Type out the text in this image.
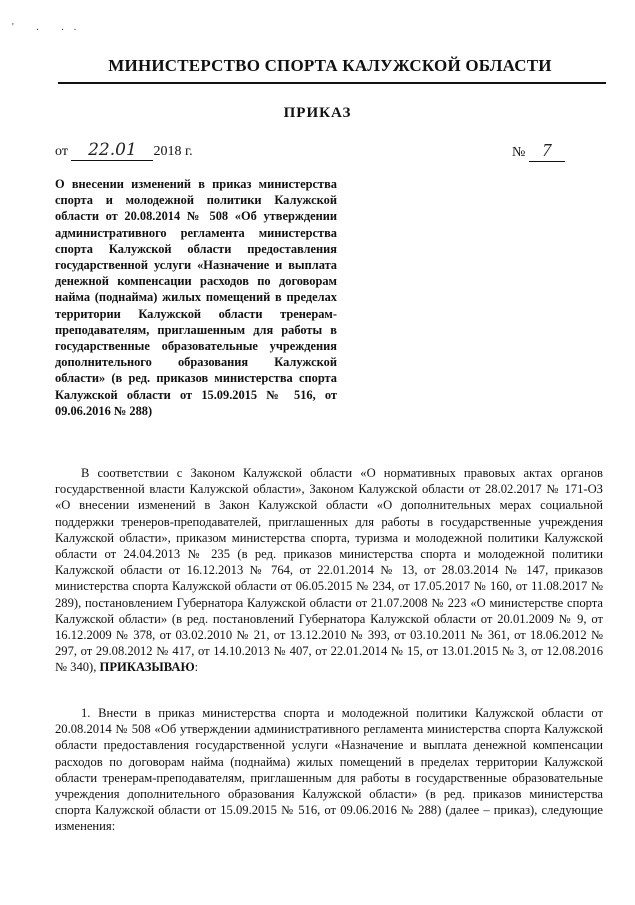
' . ..
МИНИСТЕРСТВО СПОРТА КАЛУЖСКОЙ ОБЛАСТИ
ПРИКАЗ
от 22.01 2018 г.	№ 7
О внесении изменений в приказ министерства спорта и молодежной политики Калужской области от 20.08.2014 № 508 «Об утверждении административного регламента министерства спорта Калужской области предоставления государственной услуги «Назначение и выплата денежной компенсации расходов по договорам найма (поднайма) жилых помещений в пределах территории Калужской области тренерам-преподавателям, приглашенным для работы в государственные образовательные учреждения дополнительного образования Калужской области» (в ред. приказов министерства спорта Калужской области от 15.09.2015 № 516, от 09.06.2016 № 288)
В соответствии с Законом Калужской области «О нормативных правовых актах органов государственной власти Калужской области», Законом Калужской области от 28.02.2017 № 171-ОЗ «О внесении изменений в Закон Калужской области «О дополнительных мерах социальной поддержки тренеров-преподавателей, приглашенных для работы в государственные учреждения Калужской области», приказом министерства спорта, туризма и молодежной политики Калужской области от 24.04.2013 № 235 (в ред. приказов министерства спорта и молодежной политики Калужской области от 16.12.2013 № 764, от 22.01.2014 № 13, от 28.03.2014 № 147, приказов министерства спорта Калужской области от 06.05.2015 № 234, от 17.05.2017 № 160, от 11.08.2017 № 289), постановлением Губернатора Калужской области от 21.07.2008 № 223 «О министерстве спорта Калужской области» (в ред. постановлений Губернатора Калужской области от 20.01.2009 № 9, от 16.12.2009 № 378, от 03.02.2010 № 21, от 13.12.2010 № 393, от 03.10.2011 № 361, от 18.06.2012 № 297, от 29.08.2012 № 417, от 14.10.2013 № 407, от 22.01.2014 № 15, от 13.01.2015 № 3, от 12.08.2016 № 340), ПРИКАЗЫВАЮ:
1. Внести в приказ министерства спорта и молодежной политики Калужской области от 20.08.2014 № 508 «Об утверждении административного регламента министерства спорта Калужской области предоставления государственной услуги «Назначение и выплата денежной компенсации расходов по договорам найма (поднайма) жилых помещений в пределах территории Калужской области тренерам-преподавателям, приглашенным для работы в государственные образовательные учреждения дополнительного образования Калужской области» (в ред. приказов министерства спорта Калужской области от 15.09.2015 № 516, от 09.06.2016 № 288) (далее – приказ), следующие изменения:
